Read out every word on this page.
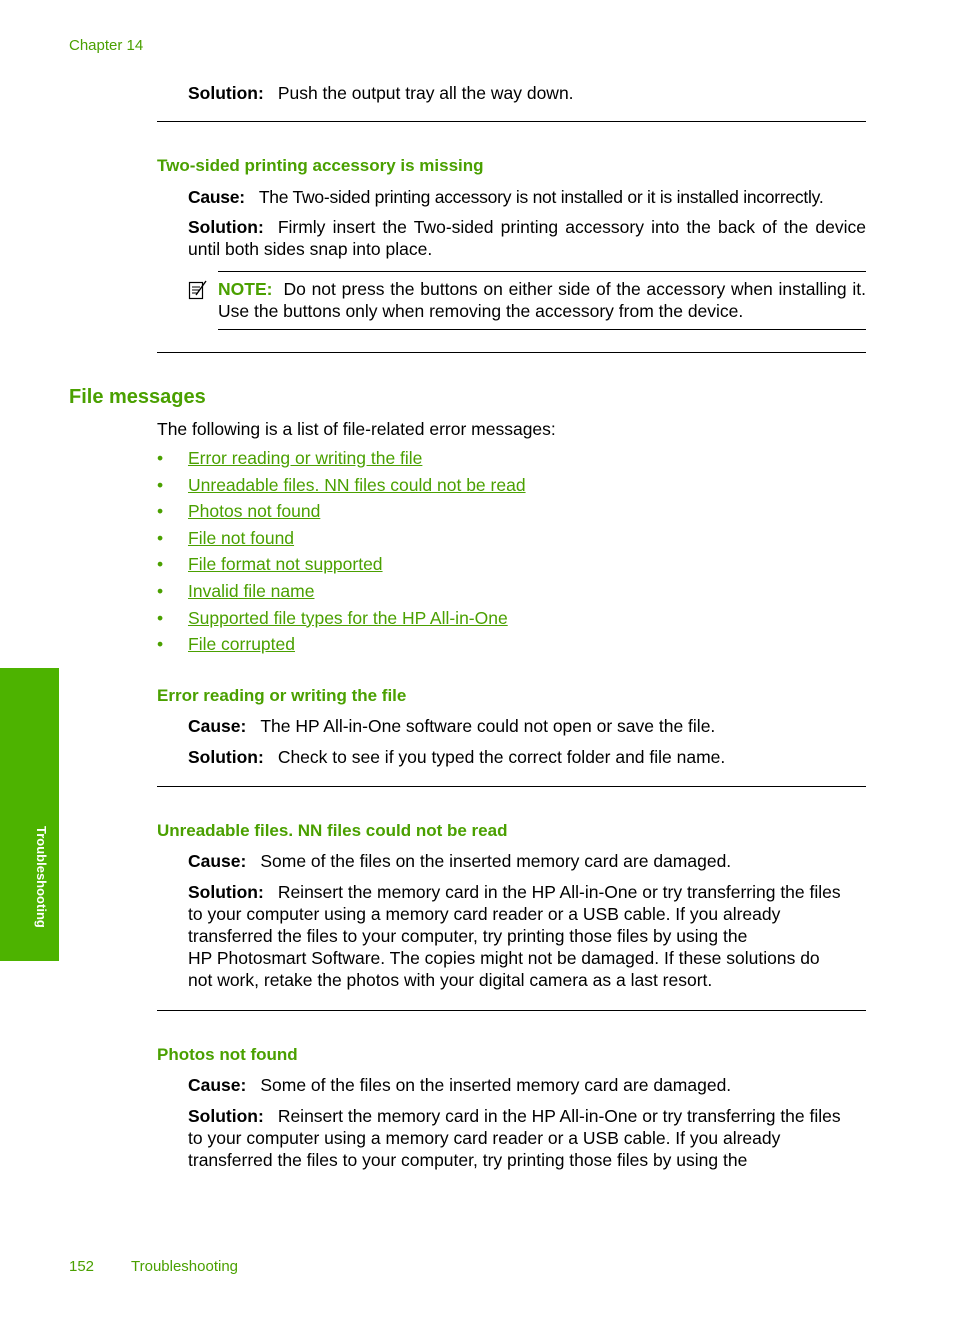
Chapter 14
Solution: Push the output tray all the way down.
Two-sided printing accessory is missing
Cause: The Two-sided printing accessory is not installed or it is installed incorrectly.
Solution: Firmly insert the Two-sided printing accessory into the back of the device until both sides snap into place.
NOTE: Do not press the buttons on either side of the accessory when installing it. Use the buttons only when removing the accessory from the device.
File messages
The following is a list of file-related error messages:
• Error reading or writing the file
• Unreadable files. NN files could not be read
• Photos not found
• File not found
• File format not supported
• Invalid file name
• Supported file types for the HP All-in-One
• File corrupted
Error reading or writing the file
Cause: The HP All-in-One software could not open or save the file.
Solution: Check to see if you typed the correct folder and file name.
Unreadable files. NN files could not be read
Cause: Some of the files on the inserted memory card are damaged.
Solution: Reinsert the memory card in the HP All-in-One or try transferring the files
to your computer using a memory card reader or a USB cable. If you already
transferred the files to your computer, try printing those files by using the
HP Photosmart Software. The copies might not be damaged. If these solutions do
not work, retake the photos with your digital camera as a last resort.
Photos not found
Cause: Some of the files on the inserted memory card are damaged.
Solution: Reinsert the memory card in the HP All-in-One or try transferring the files
to your computer using a memory card reader or a USB cable. If you already
transferred the files to your computer, try printing those files by using the
Troubleshooting
152 Troubleshooting
